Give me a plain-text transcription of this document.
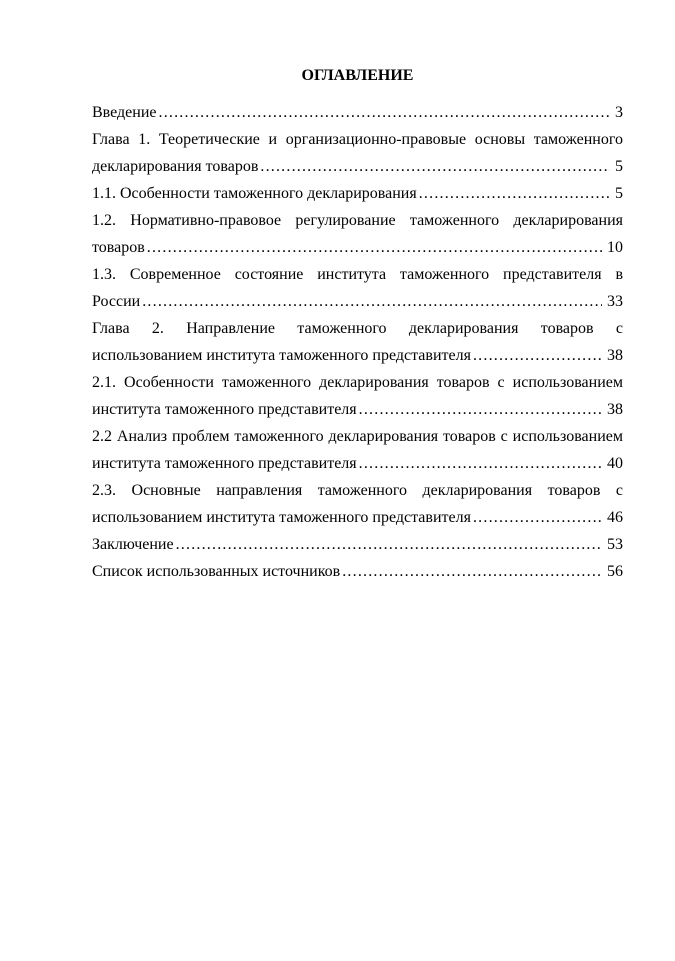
ОГЛАВЛЕНИЕ
Введение .....	3
Глава 1. Теоретические и организационно-правовые основы таможенного
декларирования товаров .....	5
1.1. Особенности таможенного декларирования .....	5
1.2. Нормативно-правовое регулирование таможенного декларирования
товаров .....	10
1.3. Современное состояние института таможенного представителя в
России .....	33
Глава 2. Направление таможенного декларирования товаров с
использованием института таможенного представителя .....	38
2.1. Особенности таможенного декларирования товаров с использованием
института таможенного представителя .....	38
2.2 Анализ проблем таможенного декларирования товаров с использованием
института таможенного представителя .....	40
2.3. Основные направления таможенного декларирования товаров с
использованием института таможенного представителя .....	46
Заключение .....	53
Список использованных источников .....	56
